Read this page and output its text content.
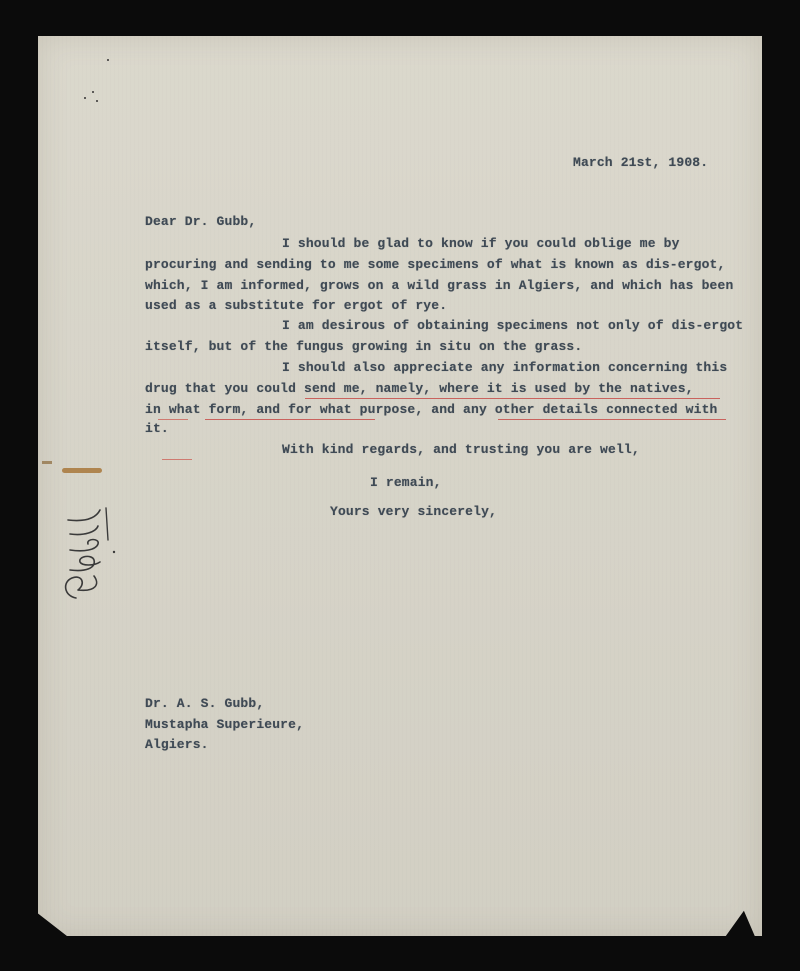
March 21st, 1908.
Dear Dr. Gubb,
I should be glad to know if you could oblige me by
procuring and sending to me some specimens of what is known as dis-ergot,
which, I am informed, grows on a wild grass in Algiers, and which has been
used as a substitute for ergot of rye.
I am desirous of obtaining specimens not only of dis-ergot
itself, but of the fungus growing in situ on the grass.
I should also appreciate any information concerning this
drug that you could send me, namely, where it is used by the natives,
in what form, and for what purpose, and any other details connected with
it.
With kind regards, and trusting you are well,
I remain,
Yours very sincerely,
Dr. A. S. Gubb,
Mustapha Superieure,
Algiers.
